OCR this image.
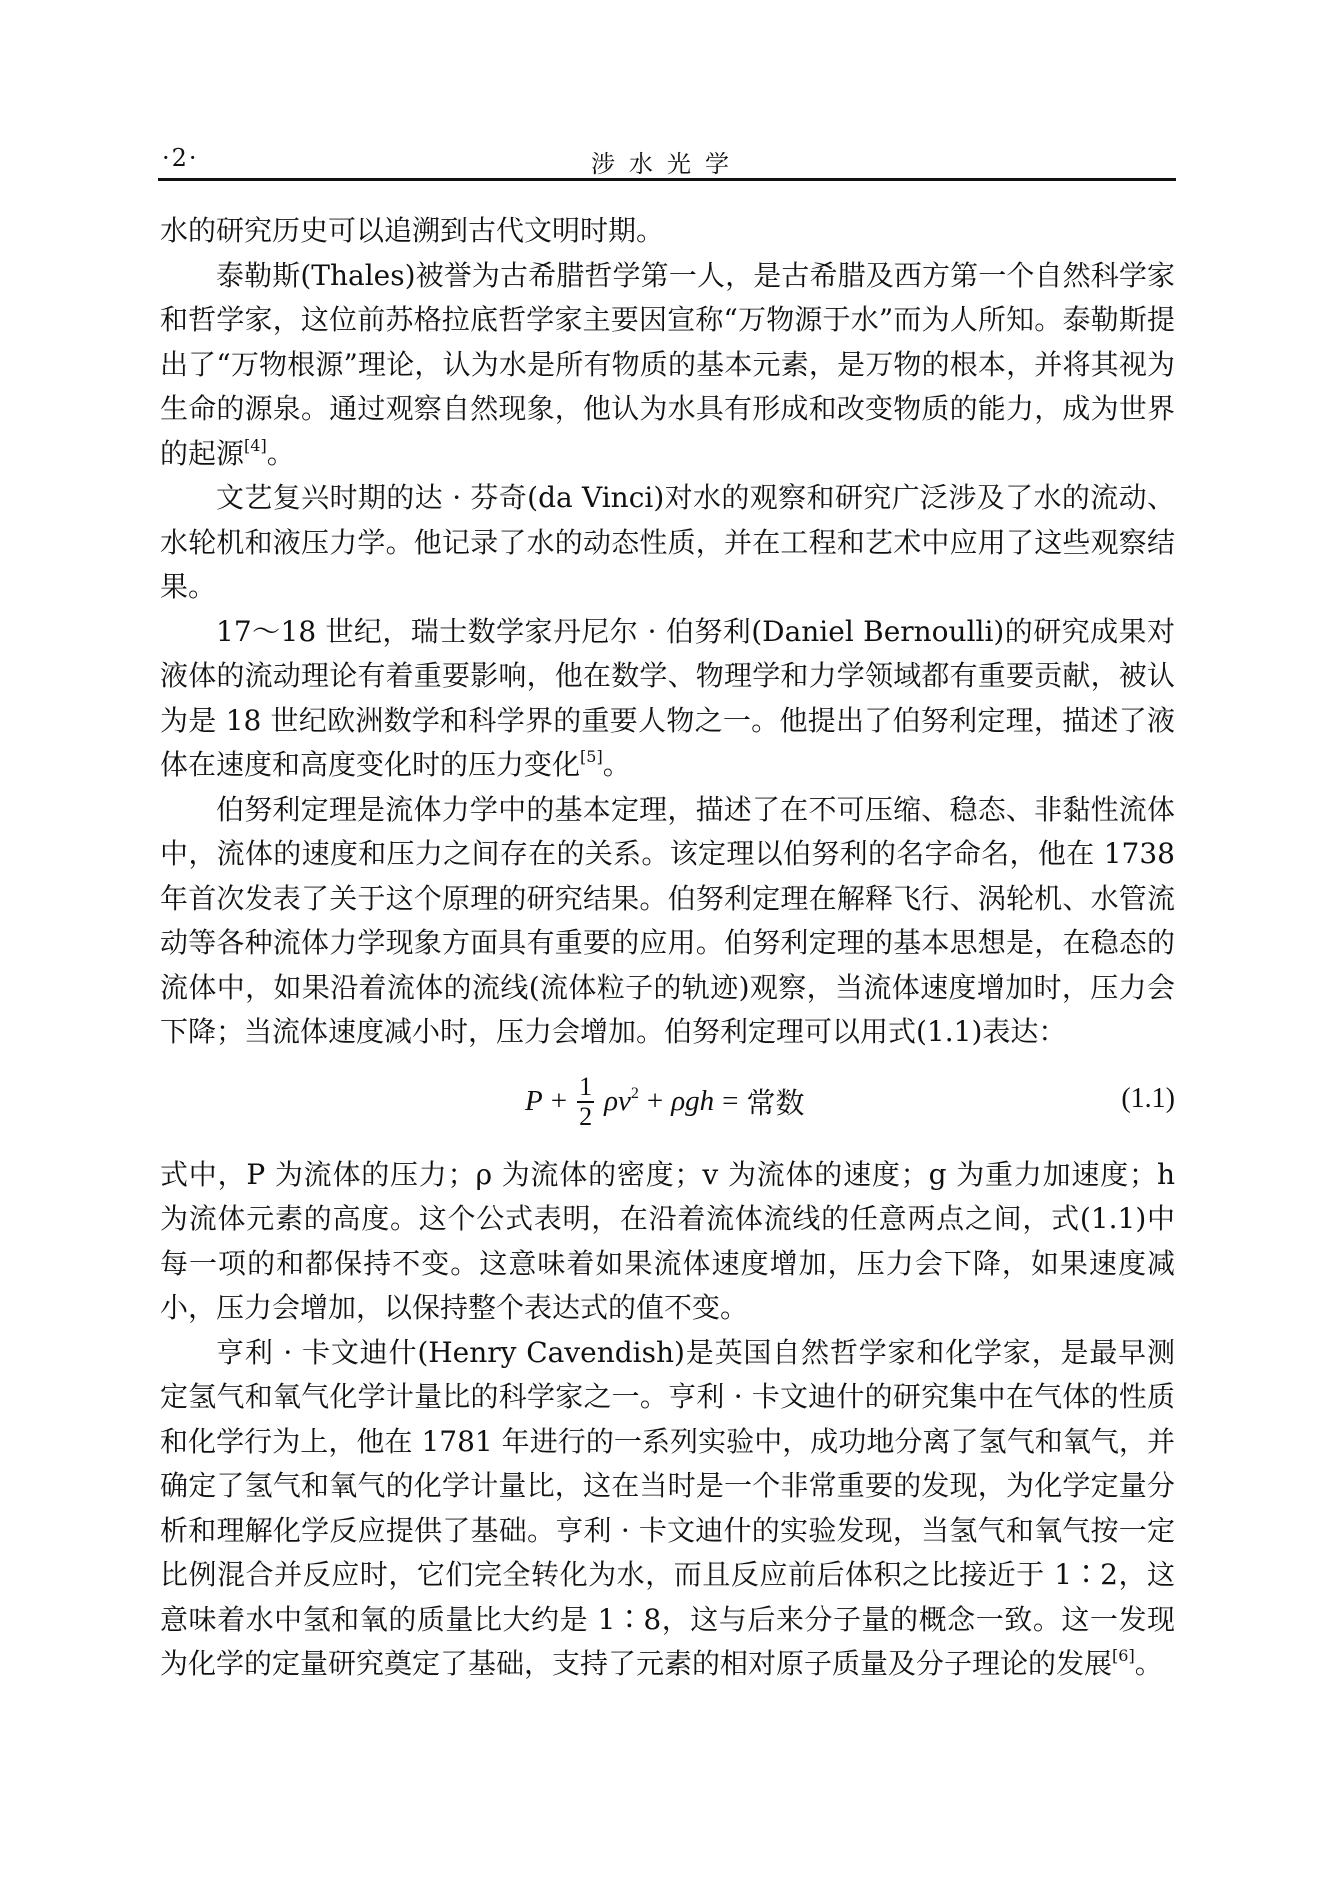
·2·	涉水光学

水的研究历史可以追溯到古代文明时期。

泰勒斯(Thales)被誉为古希腊哲学第一人，是古希腊及西方第一个自然科学家和哲学家，这位前苏格拉底哲学家主要因宣称“万物源于水”而为人所知。泰勒斯提出了“万物根源”理论，认为水是所有物质的基本元素，是万物的根本，并将其视为生命的源泉。通过观察自然现象，他认为水具有形成和改变物质的能力，成为世界的起源[4]。

文艺复兴时期的达 · 芬奇(da Vinci)对水的观察和研究广泛涉及了水的流动、水轮机和液压力学。他记录了水的动态性质，并在工程和艺术中应用了这些观察结果。

17～18 世纪，瑞士数学家丹尼尔 · 伯努利(Daniel Bernoulli)的研究成果对液体的流动理论有着重要影响，他在数学、物理学和力学领域都有重要贡献，被认为是 18 世纪欧洲数学和科学界的重要人物之一。他提出了伯努利定理，描述了液体在速度和高度变化时的压力变化[5]。

伯努利定理是流体力学中的基本定理，描述了在不可压缩、稳态、非黏性流体中，流体的速度和压力之间存在的关系。该定理以伯努利的名字命名，他在 1738 年首次发表了关于这个原理的研究结果。伯努利定理在解释飞行、涡轮机、水管流动等各种流体力学现象方面具有重要的应用。伯努利定理的基本思想是，在稳态的流体中，如果沿着流体的流线(流体粒子的轨迹)观察，当流体速度增加时，压力会下降；当流体速度减小时，压力会增加。伯努利定理可以用式(1.1)表达：

$P + \frac{1}{2} \rho v^2 + \rho gh$ = 常数	(1.1)

式中，P 为流体的压力；ρ 为流体的密度；v 为流体的速度；g 为重力加速度；h 为流体元素的高度。这个公式表明，在沿着流体流线的任意两点之间，式(1.1)中每一项的和都保持不变。这意味着如果流体速度增加，压力会下降，如果速度减小，压力会增加，以保持整个表达式的值不变。

亨利 · 卡文迪什(Henry Cavendish)是英国自然哲学家和化学家，是最早测定氢气和氧气化学计量比的科学家之一。亨利 · 卡文迪什的研究集中在气体的性质和化学行为上，他在 1781 年进行的一系列实验中，成功地分离了氢气和氧气，并确定了氢气和氧气的化学计量比，这在当时是一个非常重要的发现，为化学定量分析和理解化学反应提供了基础。亨利 · 卡文迪什的实验发现，当氢气和氧气按一定比例混合并反应时，它们完全转化为水，而且反应前后体积之比接近于 1∶2，这意味着水中氢和氧的质量比大约是 1∶8，这与后来分子量的概念一致。这一发现为化学的定量研究奠定了基础，支持了元素的相对原子质量及分子理论的发展[6]。
